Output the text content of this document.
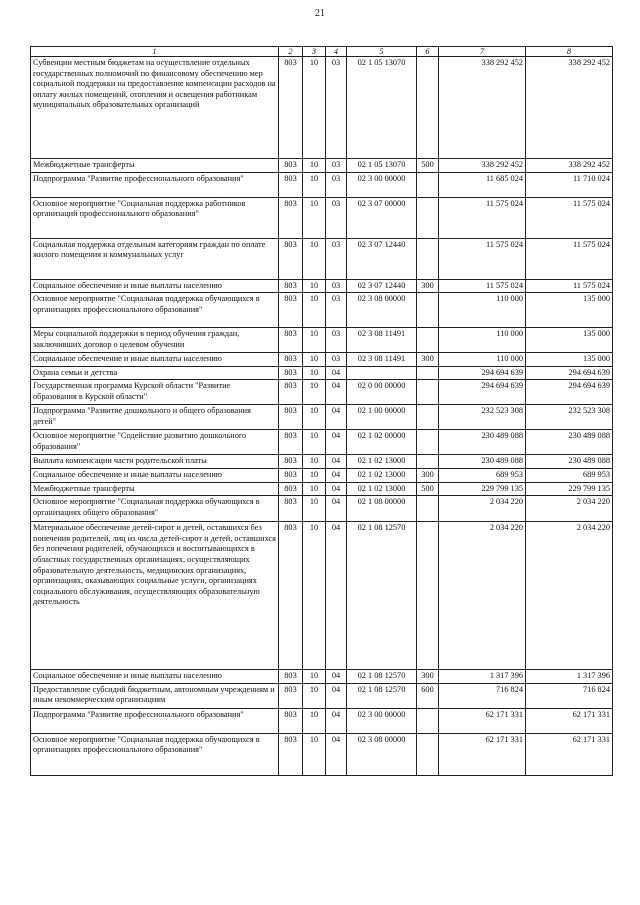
21
1	2	3	4	5	6	7	8
Субвенции местным бюджетам на осуществление отдельных государственных полномочий по финансовому обеспечению мер социальной поддержки на предоставление компенсации расходов на оплату жилых помещений, отопления и освещения работникам муниципальных образовательных организаций	803	10	03	02 1 05 13070		338 292 452	338 292 452
Межбюджетные трансферты	803	10	03	02 1 05 13070	500	338 292 452	338 292 452
Подпрограмма "Развитие профессионального образования"	803	10	03	02 3 00 00000		11 685 024	11 710 024
Основное мероприятие "Социальная поддержка работников организаций профессионального образования"	803	10	03	02 3 07 00000		11 575 024	11 575 024
Социальная поддержка отдельным категориям граждан по оплате жилого помещения и коммунальных услуг	803	10	03	02 3 07 12440		11 575 024	11 575 024
Социальное обеспечение и иные выплаты населению	803	10	03	02 3 07 12440	300	11 575 024	11 575 024
Основное мероприятие "Социальная поддержка обучающихся в организациях профессионального образования"	803	10	03	02 3 08 00000		110 000	135 000
Меры социальной поддержки в период обучения граждан, заключивших договор о целевом обучении	803	10	03	02 3 08 11491		110 000	135 000
Социальное обеспечение и иные выплаты населению	803	10	03	02 3 08 11491	300	110 000	135 000
Охрана семьи и детства	803	10	04			294 694 639	294 694 639
Государственная программа Курской области "Развитие образования в Курской области"	803	10	04	02 0 00 00000		294 694 639	294 694 639
Подпрограмма "Развитие дошкольного и общего образования детей"	803	10	04	02 1 00 00000		232 523 308	232 523 308
Основное мероприятие "Содействие развитию дошкольного образования"	803	10	04	02 1 02 00000		230 489 088	230 489 088
Выплата компенсации части родительской платы	803	10	04	02 1 02 13000		230 489 088	230 489 088
Социальное обеспечение и иные выплаты населению	803	10	04	02 1 02 13000	300	689 953	689 953
Межбюджетные трансферты	803	10	04	02 1 02 13000	500	229 799 135	229 799 135
Основное мероприятие "Социальная поддержка обучающихся в организациях общего образования"	803	10	04	02 1 08 00000		2 034 220	2 034 220
Материальное обеспечение детей-сирот и детей, оставшихся без попечения родителей, лиц из числа детей-сирот и детей, оставшихся без попечения родителей, обучающихся и воспитывающихся в областных государственных организациях, осуществляющих образовательную деятельность, медицинских организациях, организациях, оказывающих социальные услуги, организациях социального обслуживания, осуществляющих образовательную деятельность	803	10	04	02 1 08 12570		2 034 220	2 034 220
Социальное обеспечение и иные выплаты населению	803	10	04	02 1 08 12570	300	1 317 396	1 317 396
Предоставление субсидий бюджетным, автономным учреждениям и иным некоммерческим организациям	803	10	04	02 1 08 12570	600	716 824	716 824
Подпрограмма "Развитие профессионального образования"	803	10	04	02 3 00 00000		62 171 331	62 171 331
Основное мероприятие "Социальная поддержка обучающихся в организациях профессионального образования"	803	10	04	02 3 08 00000		62 171 331	62 171 331
